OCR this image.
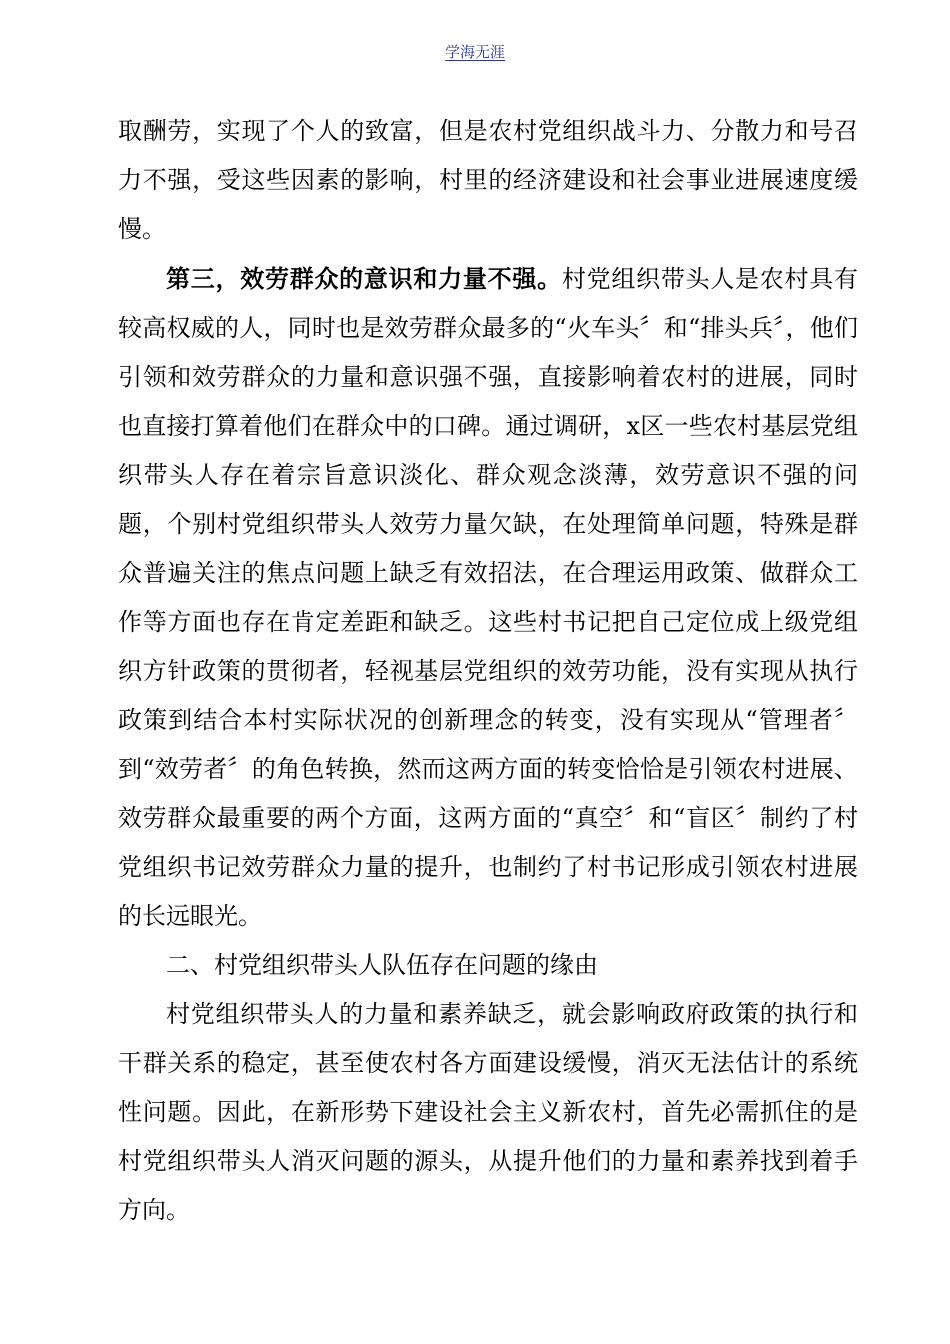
学海无涯

取酬劳，实现了个人的致富，但是农村党组织战斗力、分散力和号召力不强，受这些因素的影响，村里的经济建设和社会事业进展速度缓慢。

第三，效劳群众的意识和力量不强。村党组织带头人是农村具有较高权威的人，同时也是效劳群众最多的“火车头〞和“排头兵〞，他们引领和效劳群众的力量和意识强不强，直接影响着农村的进展，同时也直接打算着他们在群众中的口碑。通过调研，x区一些农村基层党组织带头人存在着宗旨意识淡化、群众观念淡薄，效劳意识不强的问题，个别村党组织带头人效劳力量欠缺，在处理简单问题，特殊是群众普遍关注的焦点问题上缺乏有效招法，在合理运用政策、做群众工作等方面也存在肯定差距和缺乏。这些村书记把自己定位成上级党组织方针政策的贯彻者，轻视基层党组织的效劳功能，没有实现从执行政策到结合本村实际状况的创新理念的转变，没有实现从“管理者〞到“效劳者〞的角色转换，然而这两方面的转变恰恰是引领农村进展、效劳群众最重要的两个方面，这两方面的“真空〞和“盲区〞制约了村党组织书记效劳群众力量的提升，也制约了村书记形成引领农村进展的长远眼光。

二、村党组织带头人队伍存在问题的缘由

村党组织带头人的力量和素养缺乏，就会影响政府政策的执行和干群关系的稳定，甚至使农村各方面建设缓慢，消灭无法估计的系统性问题。因此，在新形势下建设社会主义新农村，首先必需抓住的是村党组织带头人消灭问题的源头，从提升他们的力量和素养找到着手方向。
